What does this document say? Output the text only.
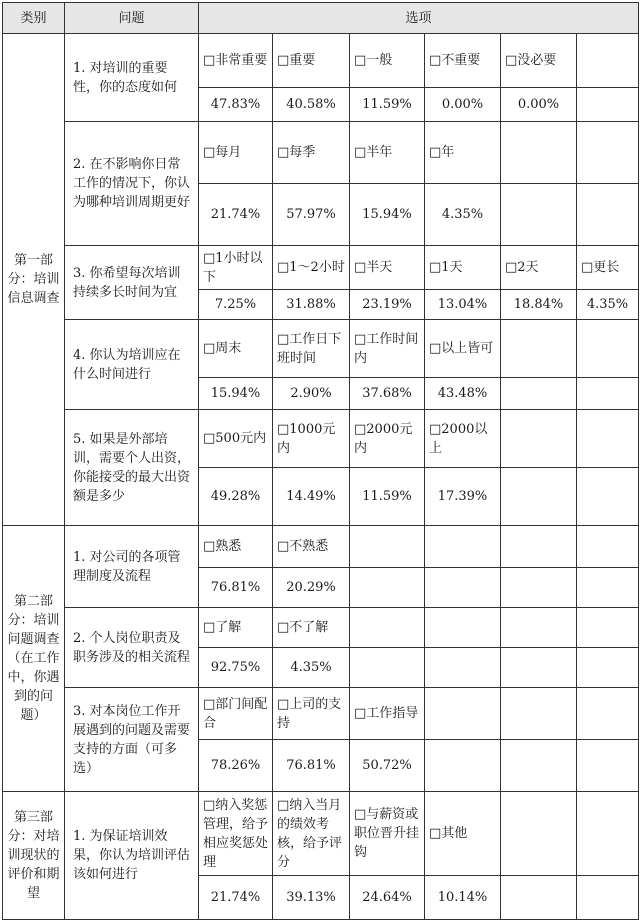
类别	问题	选项					
第一部分：培训信息调查	1. 对培训的重要性，你的态度如何	□非常重要	□重要	□一般	□不重要	□没必要	
		47.83%	40.58%	11.59%	0.00%	0.00%	
	2. 在不影响你日常工作的情况下，你认为哪种培训周期更好	□每月	□每季	□半年	□年		
		21.74%	57.97%	15.94%	4.35%		
	3. 你希望每次培训持续多长时间为宜	□1小时以下	□1～2小时	□半天	□1天	□2天	□更长
		7.25%	31.88%	23.19%	13.04%	18.84%	4.35%
	4. 你认为培训应在什么时间进行	□周末	□工作日下班时间	□工作时间内	□以上皆可		
		15.94%	2.90%	37.68%	43.48%		
	5. 如果是外部培训，需要个人出资，你能接受的最大出资额是多少	□500元内	□1000元内	□2000元内	□2000以上		
		49.28%	14.49%	11.59%	17.39%		
第二部分：培训问题调查（在工作中，你遇到的问题）	1. 对公司的各项管理制度及流程	□熟悉	□不熟悉				
		76.81%	20.29%				
	2. 个人岗位职责及职务涉及的相关流程	□了解	□不了解				
		92.75%	4.35%				
	3. 对本岗位工作开展遇到的问题及需要支持的方面（可多选）	□部门间配合	□上司的支持	□工作指导			
		78.26%	76.81%	50.72%			
第三部分：对培训现状的评价和期望	1. 为保证培训效果，你认为培训评估该如何进行	□纳入奖惩管理，给予相应奖惩处理	□纳入当月的绩效考核，给予评分	□与薪资或职位晋升挂钩	□其他		
		21.74%	39.13%	24.64%	10.14%		
